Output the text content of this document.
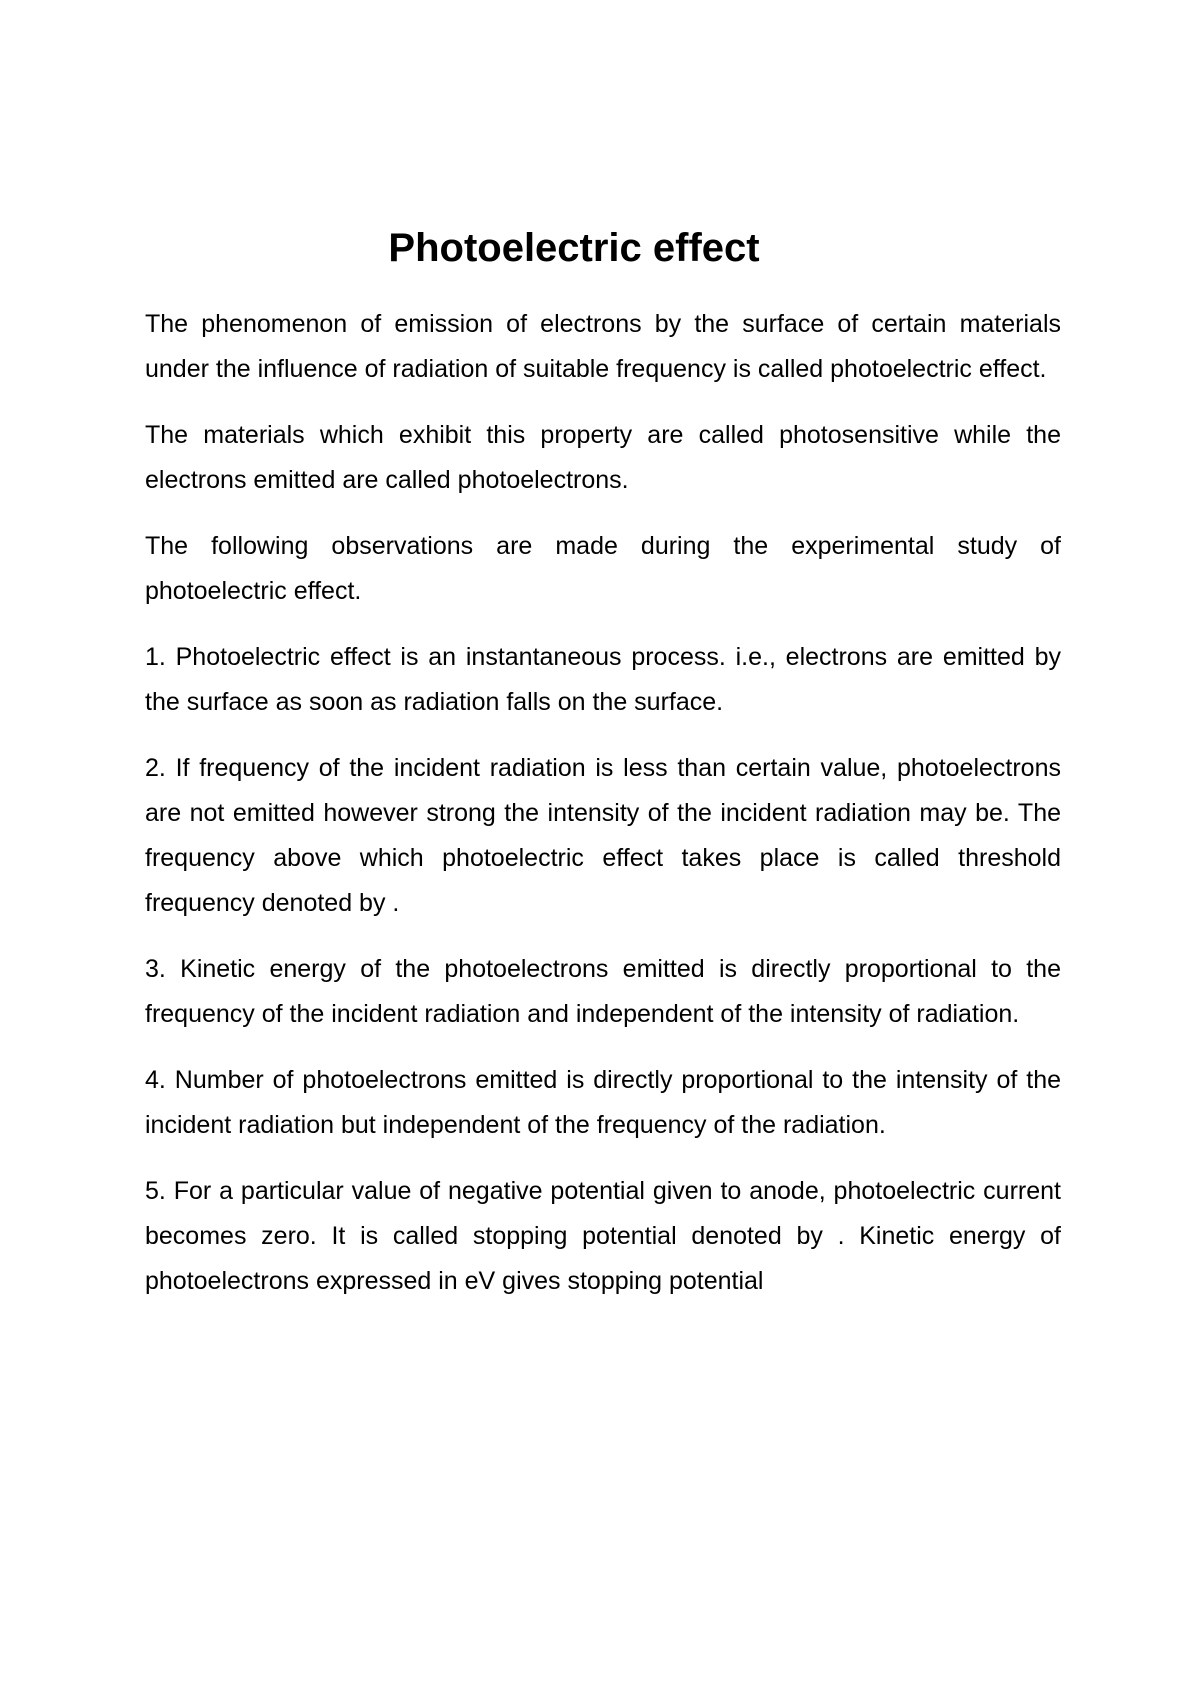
Photoelectric effect

The phenomenon of emission of electrons by the surface of certain materials under the influence of radiation of suitable frequency is called photoelectric effect.

The materials which exhibit this property are called photosensitive while the electrons emitted are called photoelectrons.

The following observations are made during the experimental study of photoelectric effect.

1. Photoelectric effect is an instantaneous process. i.e., electrons are emitted by the surface as soon as radiation falls on the surface.

2. If frequency of the incident radiation is less than certain value, photoelectrons are not emitted however strong the intensity of the incident radiation may be. The frequency above which photoelectric effect takes place is called threshold frequency denoted by .

3. Kinetic energy of the photoelectrons emitted is directly proportional to the frequency of the incident radiation and independent of the intensity of radiation.

4. Number of photoelectrons emitted is directly proportional to the intensity of the incident radiation but independent of the frequency of the radiation.

5. For a particular value of negative potential given to anode, photoelectric current becomes zero. It is called stopping potential denoted by . Kinetic energy of photoelectrons expressed in eV gives stopping potential
